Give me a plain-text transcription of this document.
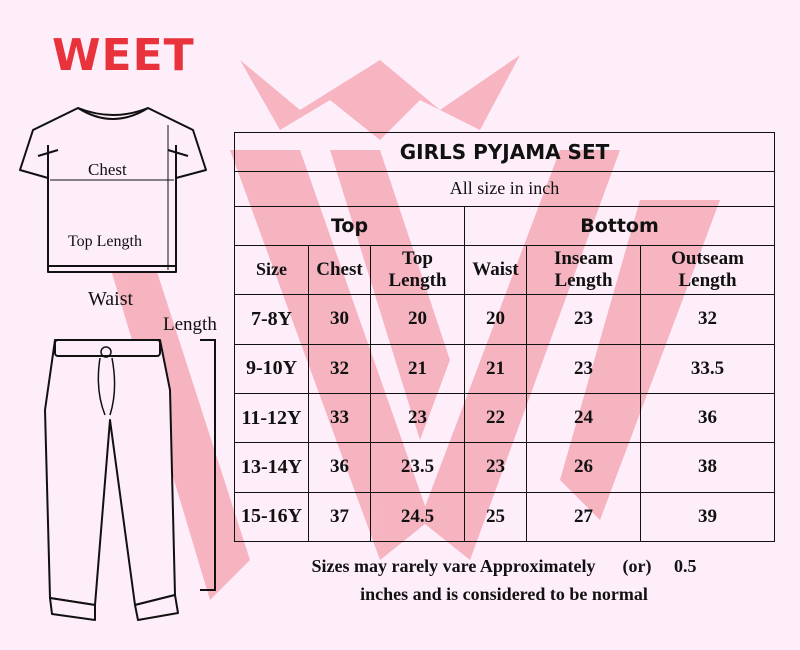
WEET
Chest
Top Length
Waist
Length
GIRLS PYJAMA SET					
All size in inch					
Top			Bottom		
Size	Chest	Top Length	Waist	Inseam Length	Outseam Length
7-8Y	30	20	20	23	32
9-10Y	32	21	21	23	33.5
11-12Y	33	23	22	24	36
13-14Y	36	23.5	23	26	38
15-16Y	37	24.5	25	27	39
Sizes may rarely vare Approximately      (or)     0.5
inches and is considered to be normal
